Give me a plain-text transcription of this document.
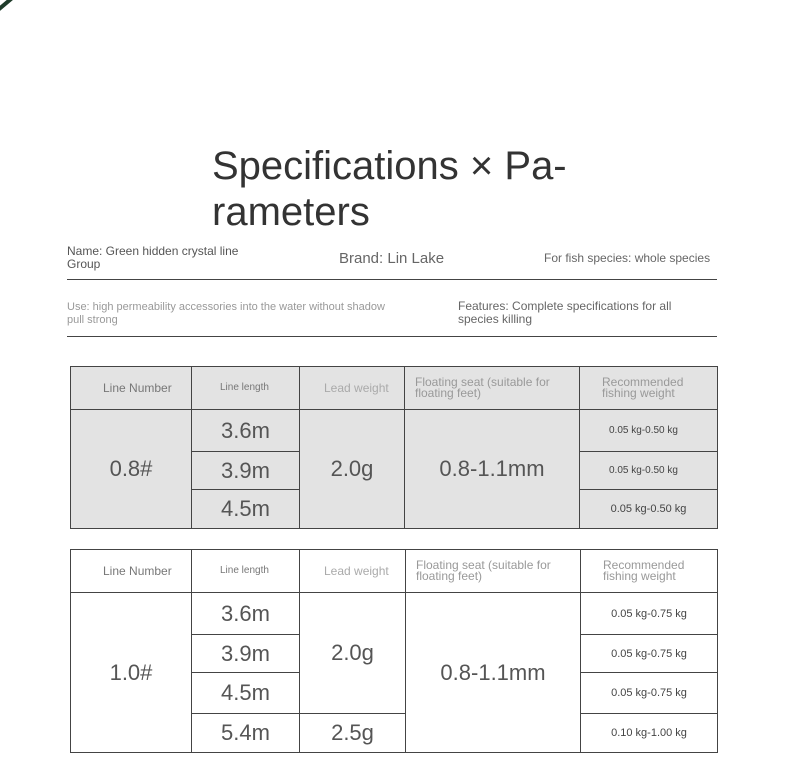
Specifications × Pa- rameters
Name: Green hidden crystal line Group	Brand: Lin Lake	For fish species: whole species
Use: high permeability accessories into the water without shadow pull strong
Features: Complete specifications for all species killing
Line Number	Line length	Lead weight	Floating seat (suitable for floating feet)	Recommended fishing weight
0.8#	3.6m	2.0g	0.8-1.1mm	0.05 kg-0.50 kg
	3.9m			0.05 kg-0.50 kg
	4.5m			0.05 kg-0.50 kg
Line Number	Line length	Lead weight	Floating seat (suitable for floating feet)	Recommended fishing weight
1.0#	3.6m	2.0g	0.8-1.1mm	0.05 kg-0.75 kg
	3.9m			0.05 kg-0.75 kg
	4.5m			0.05 kg-0.75 kg
	5.4m	2.5g		0.10 kg-1.00 kg
